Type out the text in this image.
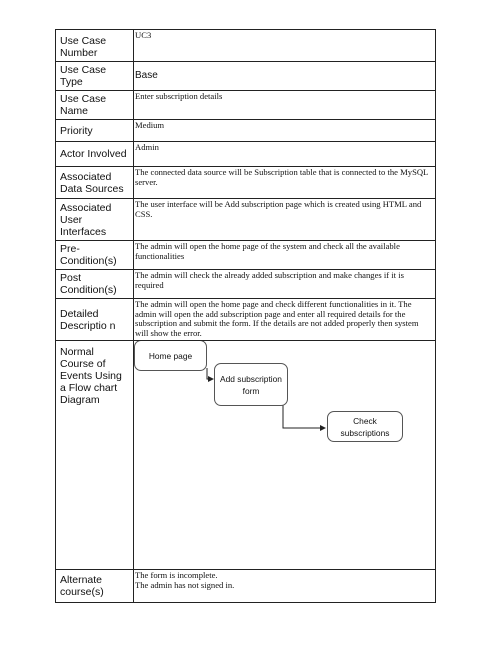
Use Case Number	UC3
Use Case Type	Base
Use Case Name	Enter subscription details
Priority	Medium
Actor Involved	Admin
Associated Data Sources	The connected data source will be Subscription table that is connected to the MySQL server.
Associated User Interfaces	The user interface will be Add subscription page which is created using HTML and CSS.
Pre-Condition(s)	The admin will open the home page of the system and check all the available functionalities
Post Condition(s)	The admin will check the already added subscription and make changes if it is required
Detailed Descriptio n	The admin will open the home page and check different functionalities in it. The admin will open the add subscription page and enter all required details for the subscription and submit the form. If the details are not added properly then system will show the error.
Normal Course of Events Using a Flow chart Diagram	Home page
Add subscription form
Check subscriptions

Alternate course(s)	The form is incomplete.
The admin has not signed in.
